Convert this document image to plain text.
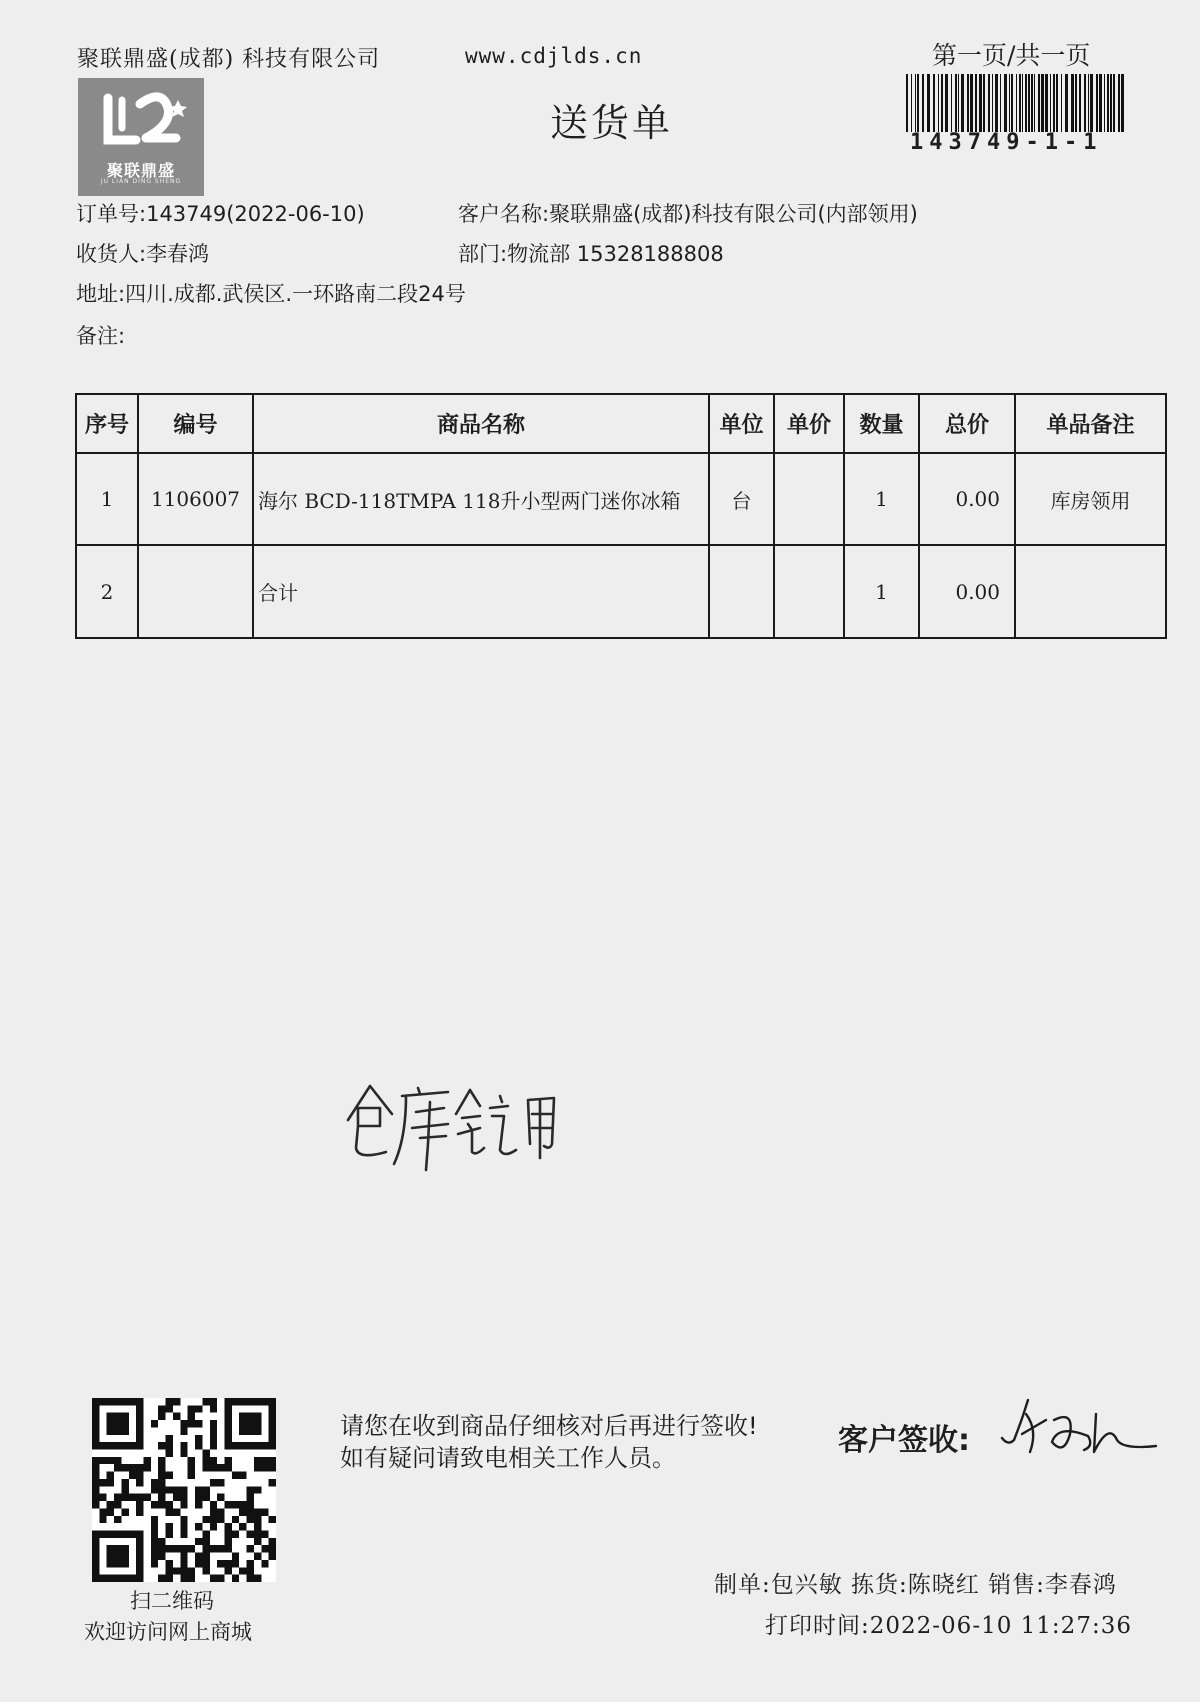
聚联鼎盛(成都) 科技有限公司	www.cdjlds.cn	第一页/共一页
聚联鼎盛
JU LIAN DING SHENG
送货单	143749-1-1
订单号:143749(2022-06-10)	客户名称:聚联鼎盛(成都)科技有限公司(内部领用)
收货人:李春鸿	部门:物流部 15328188808
地址:四川.成都.武侯区.一环路南二段24号
备注:
序号	编号	商品名称	单位	单价	数量	总价	单品备注
1	1106007	海尔 BCD-118TMPA 118升小型两门迷你冰箱	台		1	0.00	库房领用
2		合计			1	0.00	
扫二维码
欢迎访问网上商城
请您在收到商品仔细核对后再进行签收!如有疑问请致电相关工作人员。	客户签收:
制单:包兴敏 拣货:陈晓红 销售:李春鸿
打印时间:2022-06-10 11:27:36
